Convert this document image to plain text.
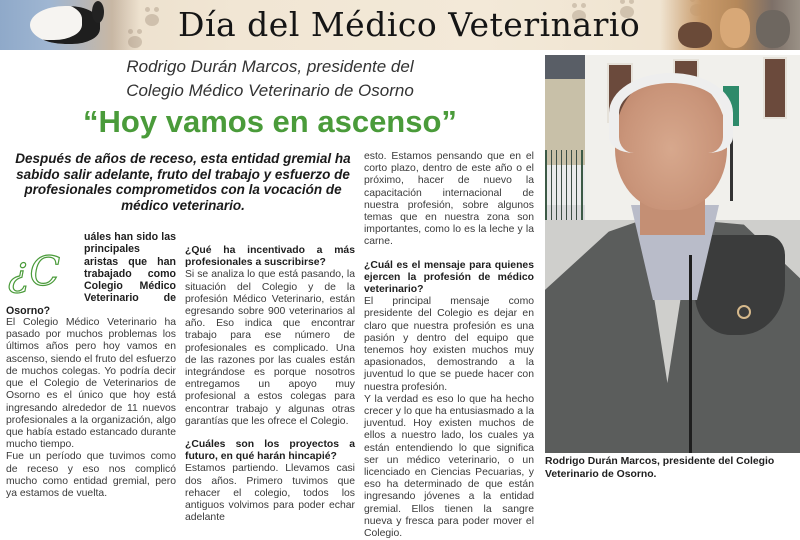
Día del Médico Veterinario
Rodrigo Durán Marcos, presidente del
Colegio Médico Veterinario de Osorno
“Hoy vamos en ascenso”
Después de años de receso, esta entidad gremial ha sabido salir adelante, fruto del trabajo y esfuerzo de profesionales comprometidos con la vocación de médico veterinario.
¿C
uáles han sido las principales aristas que han trabajado como Colegio Médico Veterinario de Osorno?

El Colegio Médico Veterinario ha pasado por muchos problemas los últimos años pero hoy vamos en ascenso, siendo el fruto del esfuerzo de muchos colegas. Yo podría decir que el Colegio de Veterinarios de Osorno es el único que hoy está ingresando alrededor de 11 nuevos profesionales a la organización, algo que había estado estancado durante mucho tiempo.

Fue un período que tuvimos como de receso y eso nos complicó mucho como entidad gremial, pero ya estamos de vuelta.

¿Qué ha incentivado a más profesionales a suscribirse?

Si se analiza lo que está pasando, la situación del Colegio y de la profesión Médico Veterinario, están egresando sobre 900 veterinarios al año. Eso indica que encontrar trabajo para ese número de profesionales es complicado. Una de las razones por las cuales están integrándose es porque nosotros entregamos un apoyo muy profesional a estos colegas para encontrar trabajo y algunas otras garantías que les ofrece el Colegio.

¿Cuáles son los proyectos a futuro, en qué harán hincapié?

Estamos partiendo. Llevamos casi dos años. Primero tuvimos que rehacer el colegio, todos los antiguos volvimos para poder echar adelante

esto. Estamos pensando que en el corto plazo, dentro de este año o el próximo, hacer de nuevo la capacitación internacional de nuestra profesión, sobre algunos temas que en nuestra zona son importantes, como lo es la leche y la carne.

¿Cuál es el mensaje para quienes ejercen la profesión de médico veterinario?

El principal mensaje como presidente del Colegio es dejar en claro que nuestra profesión es una pasión y dentro del equipo que tenemos hoy existen muchos muy apasionados, demostrando a la juventud lo que se puede hacer con nuestra profesión.

Y la verdad es eso lo que ha hecho crecer y lo que ha entusiasmado a la juventud. Hoy existen muchos de ellos a nuestro lado, los cuales ya están entendiendo lo que significa ser un médico veterinario, o un licenciado en Ciencias Pecuarias, y eso ha determinado de que están ingresando jóvenes a la entidad gremial. Ellos tienen la sangre nueva y fresca para poder mover el Colegio.

Rodrigo Durán Marcos, presidente del Colegio Veterinario de Osorno.
